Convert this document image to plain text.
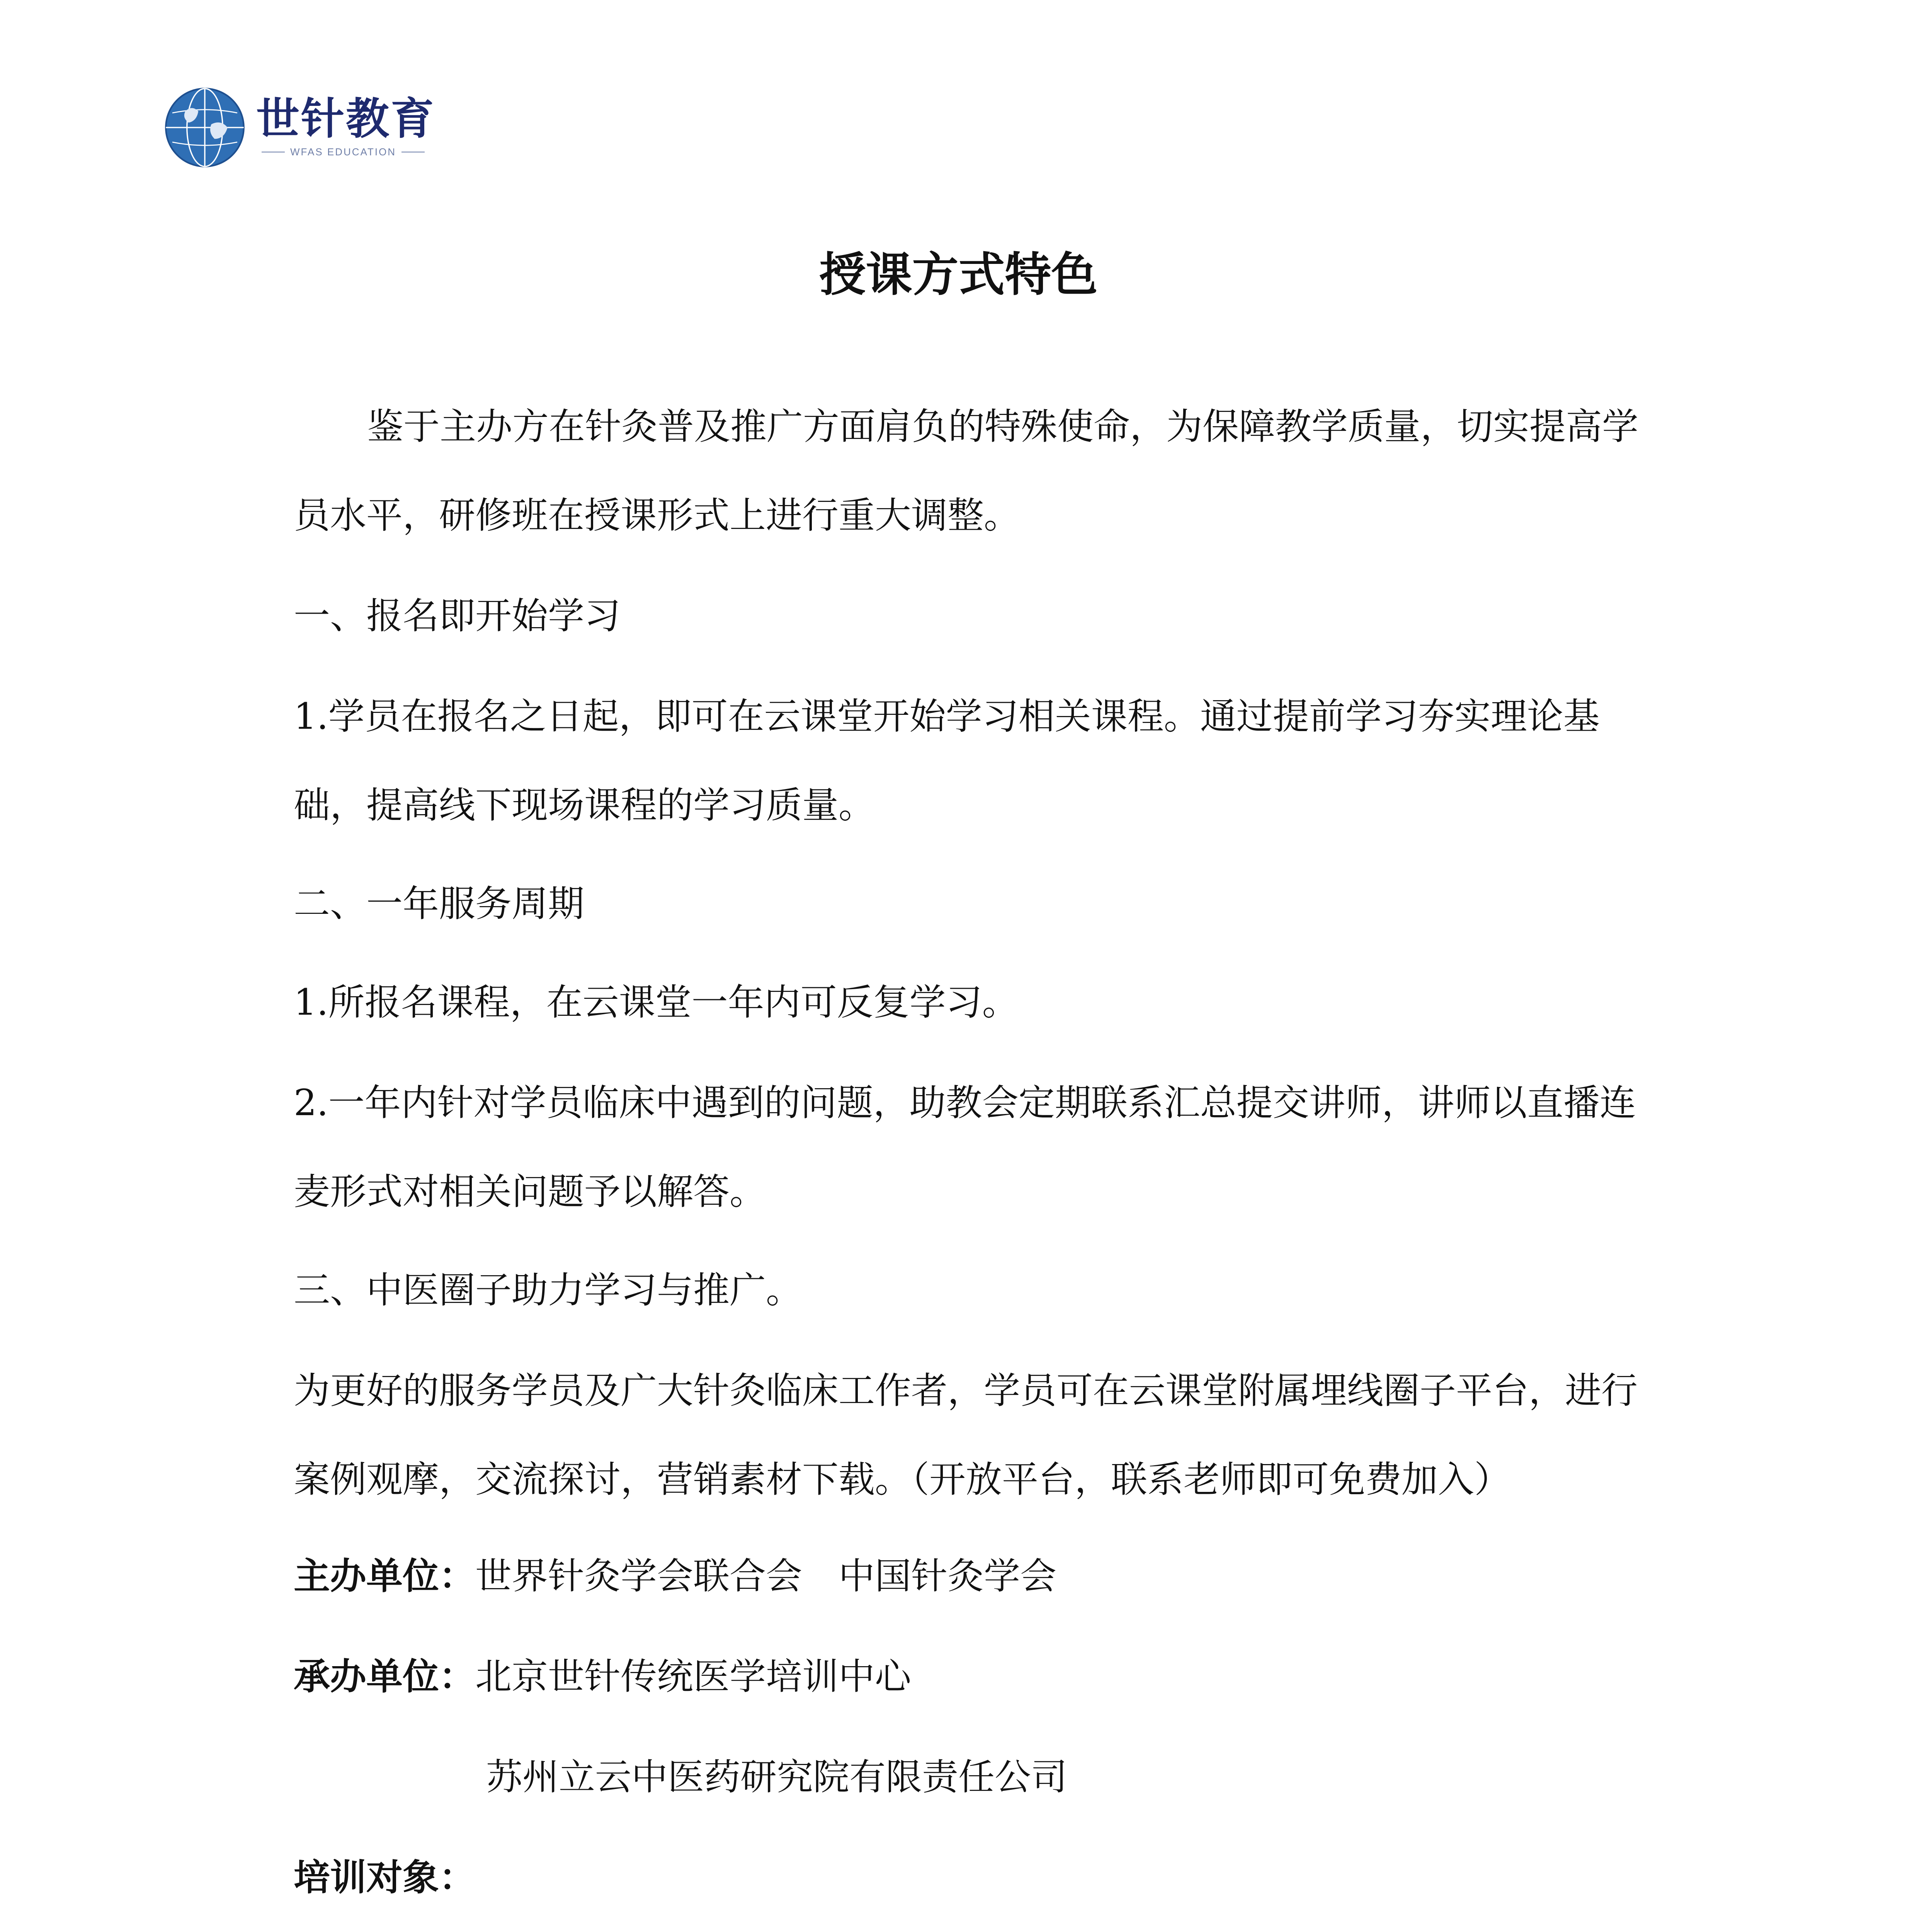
世针教育
WFAS EDUCATION
授课方式特色

鉴于主办方在针灸普及推广方面肩负的特殊使命，为保障教学质量，切实提高学员水平，研修班在授课形式上进行重大调整。

一、报名即开始学习
1.学员在报名之日起，即可在云课堂开始学习相关课程。通过提前学习夯实理论基础，提高线下现场课程的学习质量。
二、一年服务周期
1.所报名课程，在云课堂一年内可反复学习。
2.一年内针对学员临床中遇到的问题，助教会定期联系汇总提交讲师，讲师以直播连麦形式对相关问题予以解答。
三、中医圈子助力学习与推广。
为更好的服务学员及广大针灸临床工作者，学员可在云课堂附属埋线圈子平台，进行案例观摩，交流探讨，营销素材下载。（开放平台，联系老师即可免费加入）
主办单位：世界针灸学会联合会　中国针灸学会
承办单位：北京世针传统医学培训中心
苏州立云中医药研究院有限责任公司
培训对象：
